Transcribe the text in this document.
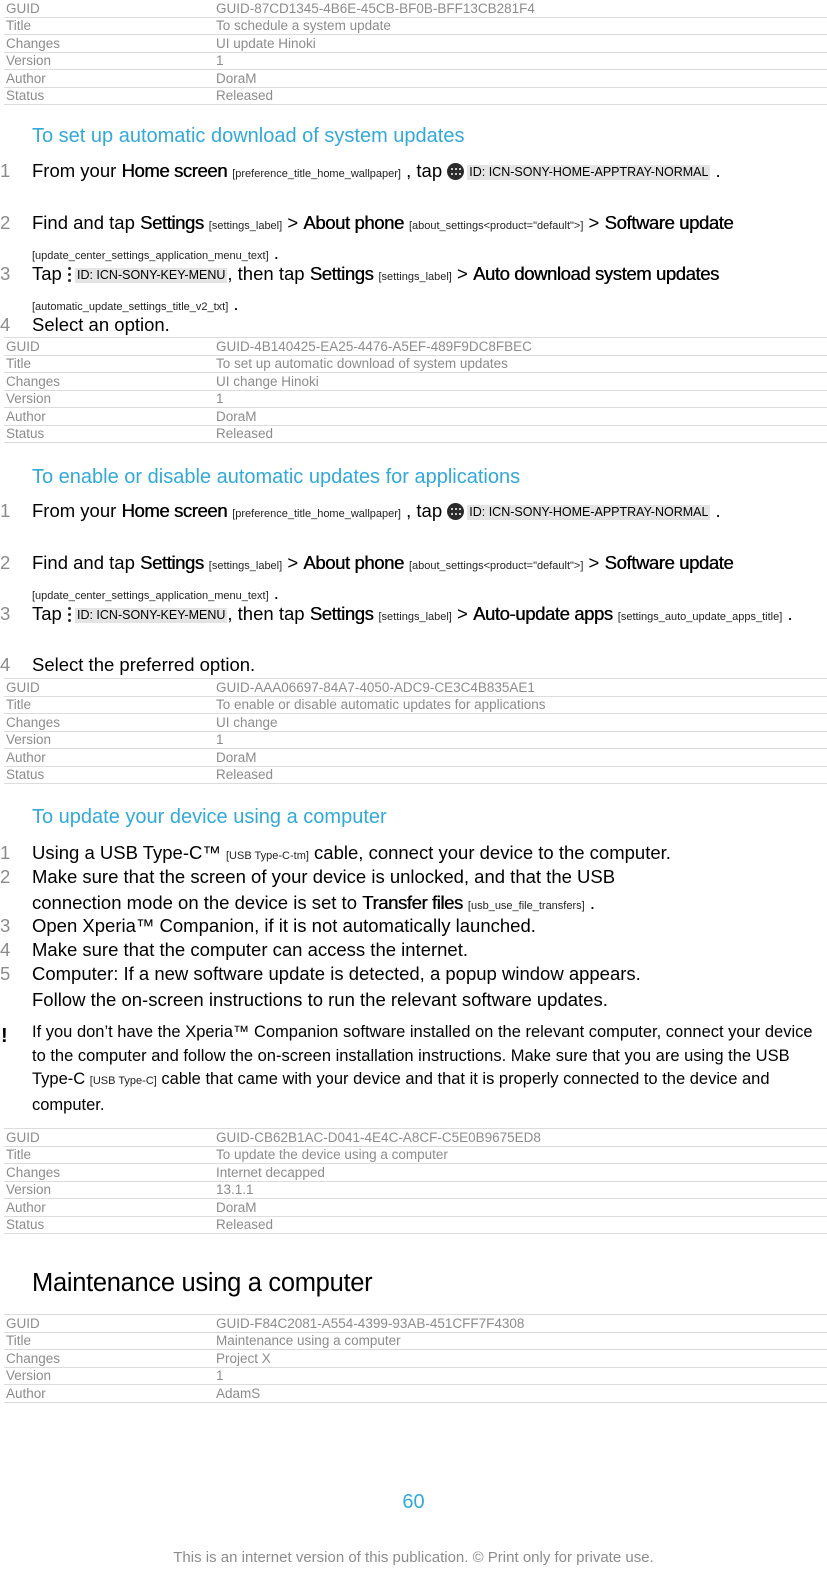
GUID	GUID-87CD1345-4B6E-45CB-BF0B-BFF13CB281F4
Title	To schedule a system update
Changes	UI update Hinoki
Version	1
Author	DoraM
Status	Released
To set up automatic download of system updates
1 From your Home screen [preference_title_home_wallpaper] , tap
ID: ICN-SONY-HOME-APPTRAY-NORMAL .
2 Find and tap Settings [settings_label] > About phone [about_settings<product="default">] > Software update [update_center_settings_application_menu_text] .
3 Tap
ID: ICN-SONY-KEY-MENU , then tap Settings [settings_label] > Auto download system updates [automatic_update_settings_title_v2_txt] .
4 Select an option.
GUID	GUID-4B140425-EA25-4476-A5EF-489F9DC8FBEC
Title	To set up automatic download of system updates
Changes	UI change Hinoki
Version	1
Author	DoraM
Status	Released
To enable or disable automatic updates for applications
1 From your Home screen [preference_title_home_wallpaper] , tap
ID: ICN-SONY-HOME-APPTRAY-NORMAL .
2 Find and tap Settings [settings_label] > About phone [about_settings<product="default">] > Software update [update_center_settings_application_menu_text] .
3 Tap
ID: ICN-SONY-KEY-MENU , then tap Settings [settings_label] > Auto-update apps [settings_auto_update_apps_title] .
4 Select the preferred option.
GUID	GUID-AAA06697-84A7-4050-ADC9-CE3C4B835AE1
Title	To enable or disable automatic updates for applications
Changes	UI change
Version	1
Author	DoraM
Status	Released
To update your device using a computer
1 Using a USB Type-C™ [USB Type-C-tm] cable, connect your device to the computer.
2 Make sure that the screen of your device is unlocked, and that the USB connection mode on the device is set to Transfer files [usb_use_file_transfers] .
3 Open Xperia™ Companion, if it is not automatically launched.
4 Make sure that the computer can access the internet.
5 Computer: If a new software update is detected, a popup window appears. Follow the on-screen instructions to run the relevant software updates.
! If you don’t have the Xperia™ Companion software installed on the relevant computer, connect your device to the computer and follow the on-screen installation instructions. Make sure that you are using the USB Type-C [USB Type-C] cable that came with your device and that it is properly connected to the device and computer.
GUID	GUID-CB62B1AC-D041-4E4C-A8CF-C5E0B9675ED8
Title	To update the device using a computer
Changes	Internet decapped
Version	13.1.1
Author	DoraM
Status	Released
Maintenance using a computer
GUID	GUID-F84C2081-A554-4399-93AB-451CFF7F4308
Title	Maintenance using a computer
Changes	Project X
Version	1
Author	AdamS
60
This is an internet version of this publication. © Print only for private use.
